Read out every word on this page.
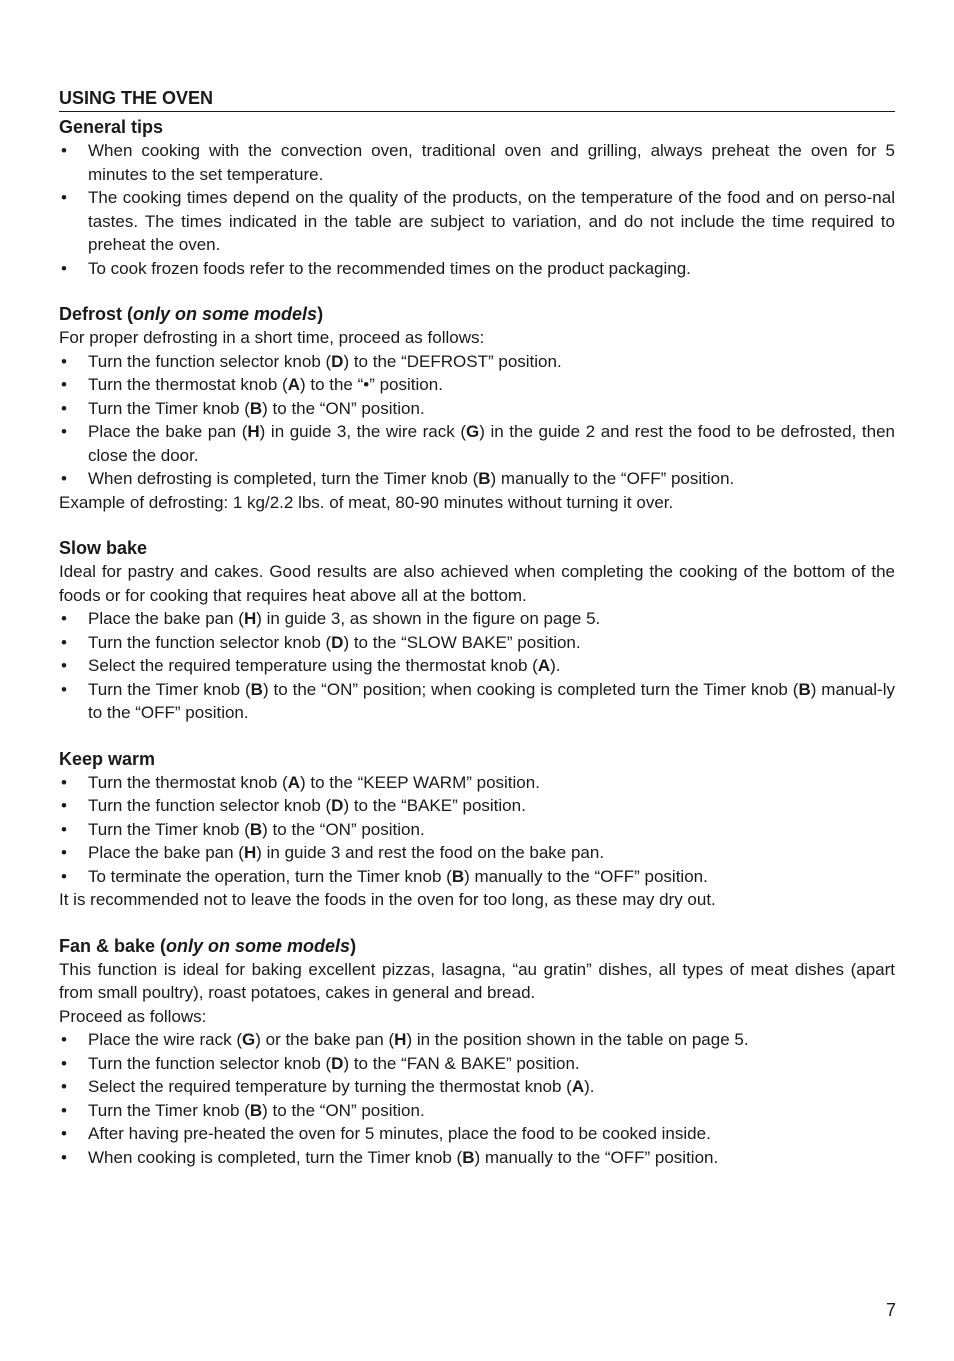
USING THE OVEN
General tips
• When cooking with the convection oven, traditional oven and grilling, always preheat the oven for 5 minutes to the set temperature.
• The cooking times depend on the quality of the products, on the temperature of the food and on perso-nal tastes. The times indicated in the table are subject to variation, and do not include the time required to preheat the oven.
• To cook frozen foods refer to the recommended times on the product packaging.
Defrost (only on some models)

For proper defrosting in a short time, proceed as follows:

• Turn the function selector knob (D) to the “DEFROST” position.
• Turn the thermostat knob (A) to the “•” position.
• Turn the Timer knob (B) to the “ON” position.
• Place the bake pan (H) in guide 3, the wire rack (G) in the guide 2 and rest the food to be defrosted, then close the door.
• When defrosting is completed, turn the Timer knob (B) manually to the “OFF” position.

Example of defrosting: 1 kg/2.2 lbs. of meat, 80-90 minutes without turning it over.

Slow bake

Ideal for pastry and cakes. Good results are also achieved when completing the cooking of the bottom of the foods or for cooking that requires heat above all at the bottom.

• Place the bake pan (H) in guide 3, as shown in the figure on page 5.
• Turn the function selector knob (D) to the “SLOW BAKE” position.
• Select the required temperature using the thermostat knob (A).
• Turn the Timer knob (B) to the “ON” position; when cooking is completed turn the Timer knob (B) manual-ly to the “OFF” position.
Keep warm
• Turn the thermostat knob (A) to the “KEEP WARM” position.
• Turn the function selector knob (D) to the “BAKE” position.
• Turn the Timer knob (B) to the “ON” position.
• Place the bake pan (H) in guide 3 and rest the food on the bake pan.
• To terminate the operation, turn the Timer knob (B) manually to the “OFF” position.

It is recommended not to leave the foods in the oven for too long, as these may dry out.

Fan & bake (only on some models)

This function is ideal for baking excellent pizzas, lasagna, “au gratin” dishes, all types of meat dishes (apart from small poultry), roast potatoes, cakes in general and bread.

Proceed as follows:

• Place the wire rack (G) or the bake pan (H) in the position shown in the table on page 5.
• Turn the function selector knob (D) to the “FAN & BAKE” position.
• Select the required temperature by turning the thermostat knob (A).
• Turn the Timer knob (B) to the “ON” position.
• After having pre-heated the oven for 5 minutes, place the food to be cooked inside.
• When cooking is completed, turn the Timer knob (B) manually to the “OFF” position.
7
